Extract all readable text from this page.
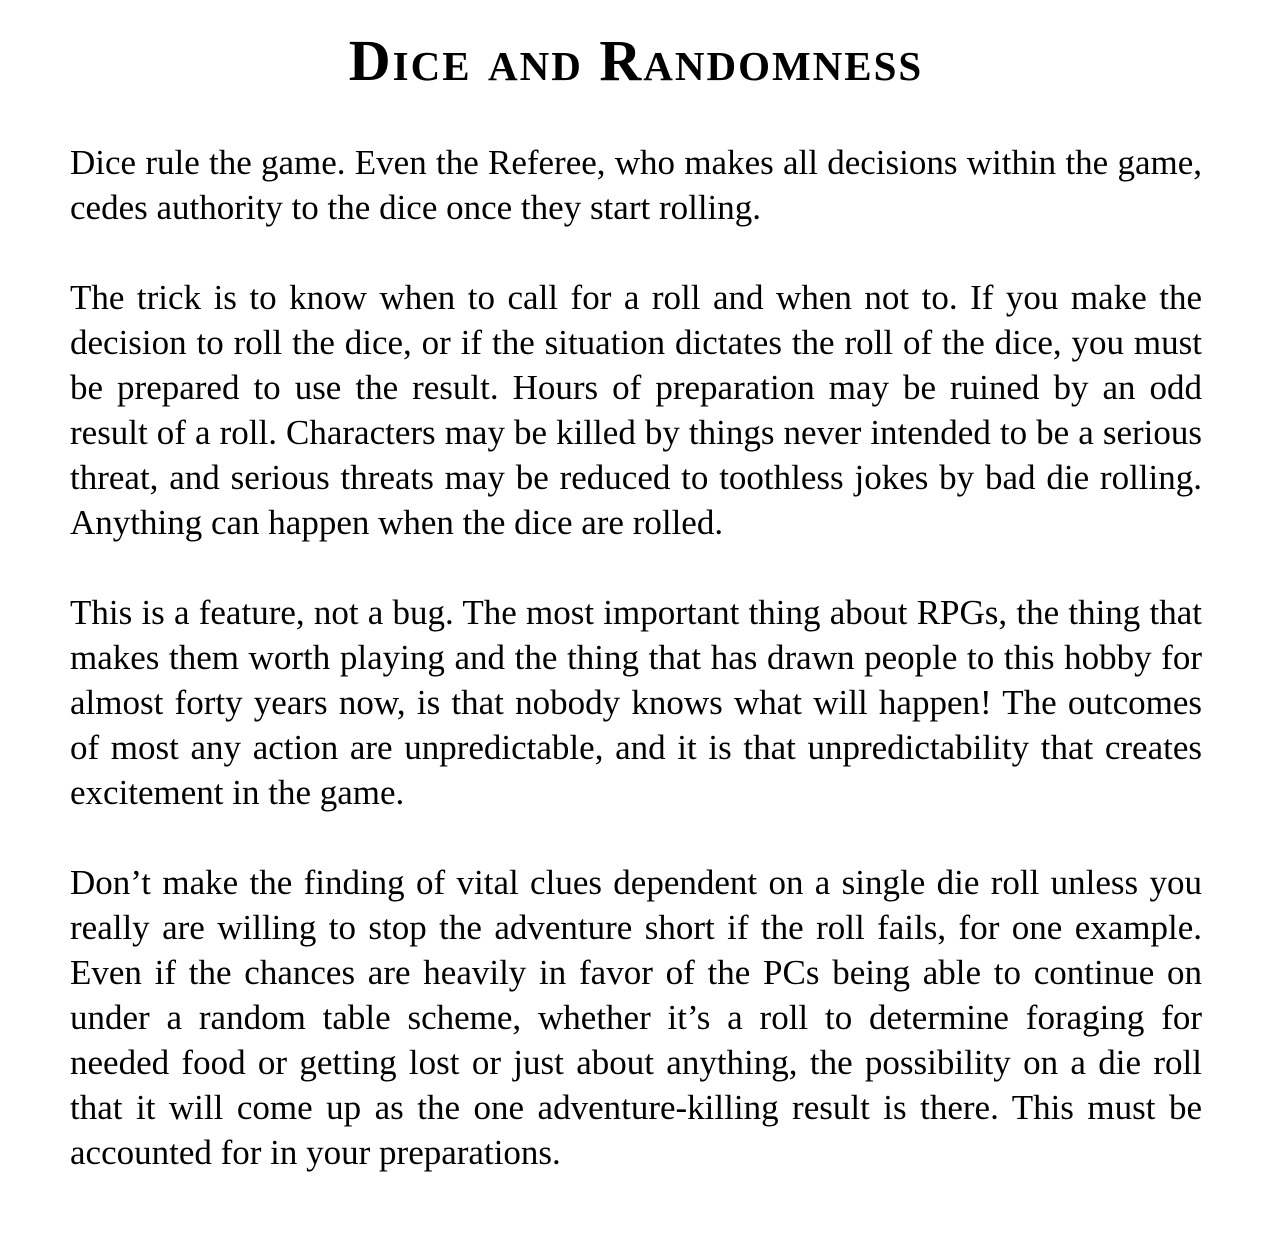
Dice and Randomness

Dice rule the game. Even the Referee, who makes all decisions within the game, cedes authority to the dice once they start rolling.

The trick is to know when to call for a roll and when not to. If you make the decision to roll the dice, or if the situation dictates the roll of the dice, you must be prepared to use the result. Hours of preparation may be ruined by an odd result of a roll. Characters may be killed by things never intended to be a serious threat, and serious threats may be reduced to toothless jokes by bad die rolling. Anything can happen when the dice are rolled.

This is a feature, not a bug. The most important thing about RPGs, the thing that makes them worth playing and the thing that has drawn people to this hobby for almost forty years now, is that nobody knows what will happen! The outcomes of most any action are unpredictable, and it is that unpredictability that creates excitement in the game.

Don’t make the finding of vital clues dependent on a single die roll unless you really are willing to stop the adventure short if the roll fails, for one example. Even if the chances are heavily in favor of the PCs being able to continue on under a random table scheme, whether it’s a roll to determine foraging for needed food or getting lost or just about anything, the possibility on a die roll that it will come up as the one adventure-killing result is there. This must be accounted for in your preparations.
